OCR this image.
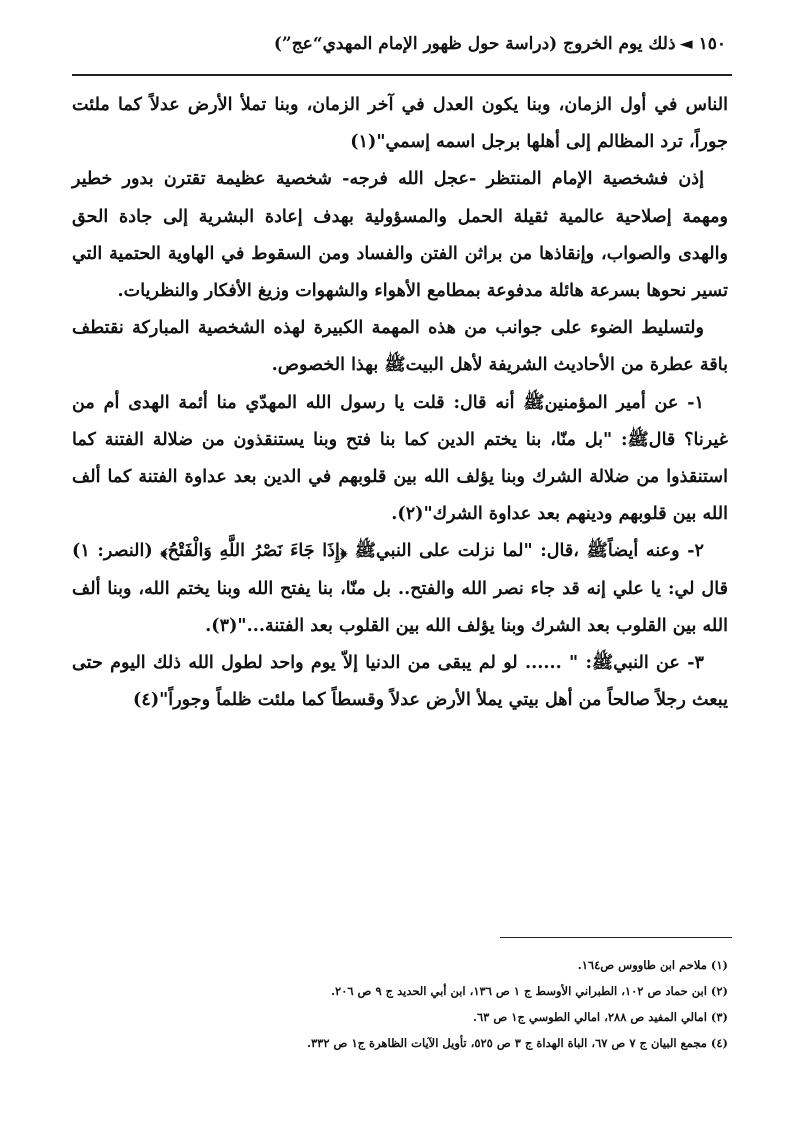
١٥٠◄ذلك يوم الخروج (دراسة حول ظهور الإمام المهدي“عج”)

الناس في أول الزمان، وبنا يكون العدل في آخر الزمان، وبنا تملأ الأرض عدلاً كما ملئت جوراً، ترد المظالم إلى أهلها برجل اسمه إسمي"(١)

إذن فشخصية الإمام المنتظر -عجل الله فرجه- شخصية عظيمة تقترن بدور خطير ومهمة إصلاحية عالمية ثقيلة الحمل والمسؤولية بهدف إعادة البشرية إلى جادة الحق والهدى والصواب، وإنقاذها من براثن الفتن والفساد ومن السقوط في الهاوية الحتمية التي تسير نحوها بسرعة هائلة مدفوعة بمطامع الأهواء والشهوات وزيغ الأفكار والنظريات.

ولتسليط الضوء على جوانب من هذه المهمة الكبيرة لهذه الشخصية المباركة نقتطف باقة عطرة من الأحاديث الشريفة لأهل البيتﷺ بهذا الخصوص.

١- عن أمير المؤمنينﷺ أنه قال: قلت يا رسول الله المهدّي منا أئمة الهدى أم من غيرنا؟ قالﷺ: "بل منّا، بنا يختم الدين كما بنا فتح وبنا يستنقذون من ضلالة الفتنة كما استنقذوا من ضلالة الشرك وبنا يؤلف الله بين قلوبهم في الدين بعد عداوة الفتنة كما ألف الله بين قلوبهم ودينهم بعد عداوة الشرك"(٢).

٢- وعنه أيضاًﷺ ،قال: "لما نزلت على النبيﷺ ﴿إِذَا جَاءَ نَصْرُ اللَّهِ وَالْفَتْحُ﴾ (النصر: ١) قال لي: يا علي إنه قد جاء نصر الله والفتح.. بل منّا، بنا يفتح الله وبنا يختم الله، وبنا ألف الله بين القلوب بعد الشرك وبنا يؤلف الله بين القلوب بعد الفتنة..."(٣).

٣- عن النبيﷺ: " ...... لو لم يبقى من الدنيا إلاّ يوم واحد لطول الله ذلك اليوم حتى يبعث رجلاً صالحاً من أهل بيتي يملأ الأرض عدلاً وقسطاً كما ملئت ظلماً وجوراً"(٤)

(١) ملاحم ابن طاووس ص١٦٤.
(٢) ابن حماد ص ١٠٢، الطبراني الأوسط ج ١ ص ١٣٦، ابن أبي الحديد ج ٩ ص ٢٠٦.
(٣) امالي المفيد ص ٢٨٨، امالي الطوسي ج١ ص ٦٣.
(٤) مجمع البيان ج ٧ ص ٦٧، الباة الهداة ج ٣ ص ٥٢٥، تأويل الآيات الظاهرة ج١ ص ٣٣٢.
